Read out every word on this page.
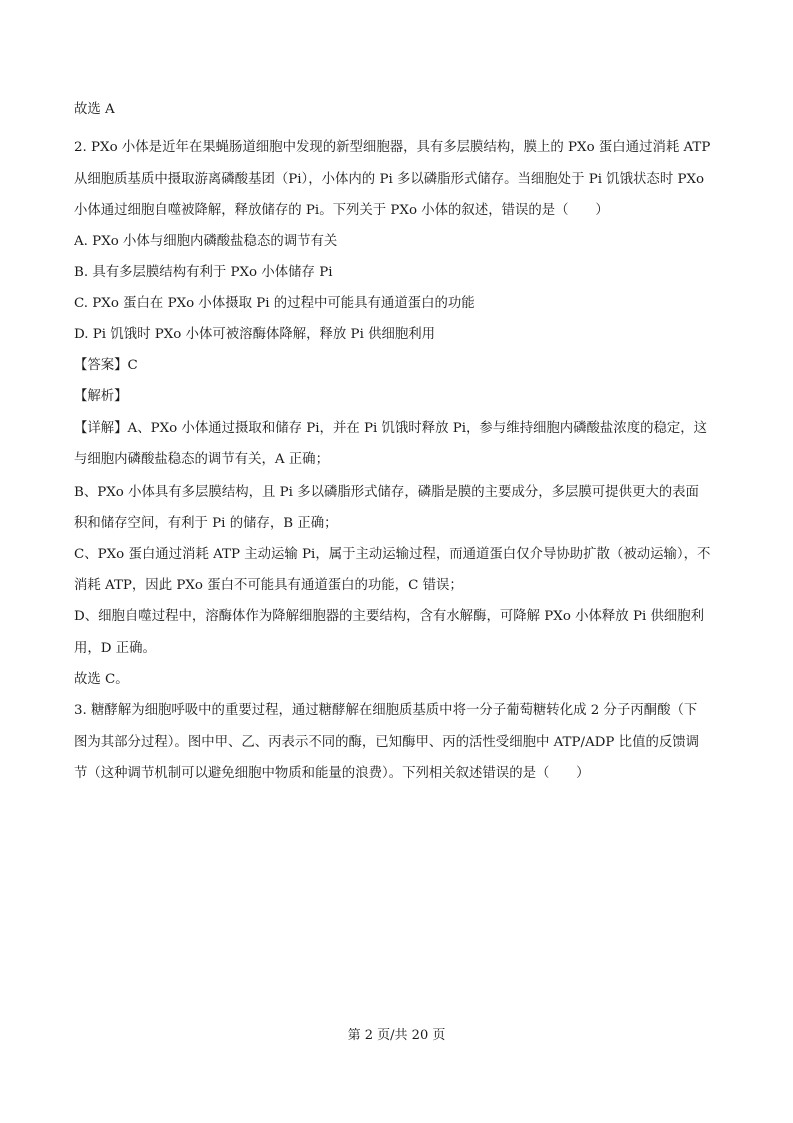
故选 A
2. PXo 小体是近年在果蝇肠道细胞中发现的新型细胞器，具有多层膜结构，膜上的 PXo 蛋白通过消耗 ATP
从细胞质基质中摄取游离磷酸基团（Pi），小体内的 Pi 多以磷脂形式储存。当细胞处于 Pi 饥饿状态时 PXo
小体通过细胞自噬被降解，释放储存的 Pi。下列关于 PXo 小体的叙述，错误的是（　　）
A. PXo 小体与细胞内磷酸盐稳态的调节有关
B. 具有多层膜结构有利于 PXo 小体储存 Pi
C. PXo 蛋白在 PXo 小体摄取 Pi 的过程中可能具有通道蛋白的功能
D. Pi 饥饿时 PXo 小体可被溶酶体降解，释放 Pi 供细胞利用
【答案】C
【解析】
【详解】A、PXo 小体通过摄取和储存 Pi，并在 Pi 饥饿时释放 Pi，参与维持细胞内磷酸盐浓度的稳定，这
与细胞内磷酸盐稳态的调节有关，A 正确；
B、PXo 小体具有多层膜结构，且 Pi 多以磷脂形式储存，磷脂是膜的主要成分，多层膜可提供更大的表面
积和储存空间，有利于 Pi 的储存，B 正确；
C、PXo 蛋白通过消耗 ATP 主动运输 Pi，属于主动运输过程，而通道蛋白仅介导协助扩散（被动运输），不
消耗 ATP，因此 PXo 蛋白不可能具有通道蛋白的功能，C 错误；
D、细胞自噬过程中，溶酶体作为降解细胞器的主要结构，含有水解酶，可降解 PXo 小体释放 Pi 供细胞利
用，D 正确。
故选 C。
3. 糖酵解为细胞呼吸中的重要过程，通过糖酵解在细胞质基质中将一分子葡萄糖转化成 2 分子丙酮酸（下
图为其部分过程）。图中甲、乙、丙表示不同的酶，已知酶甲、丙的活性受细胞中 ATP/ADP 比值的反馈调
节（这种调节机制可以避免细胞中物质和能量的浪费）。下列相关叙述错误的是（　　）
第 2 页/共 20 页
